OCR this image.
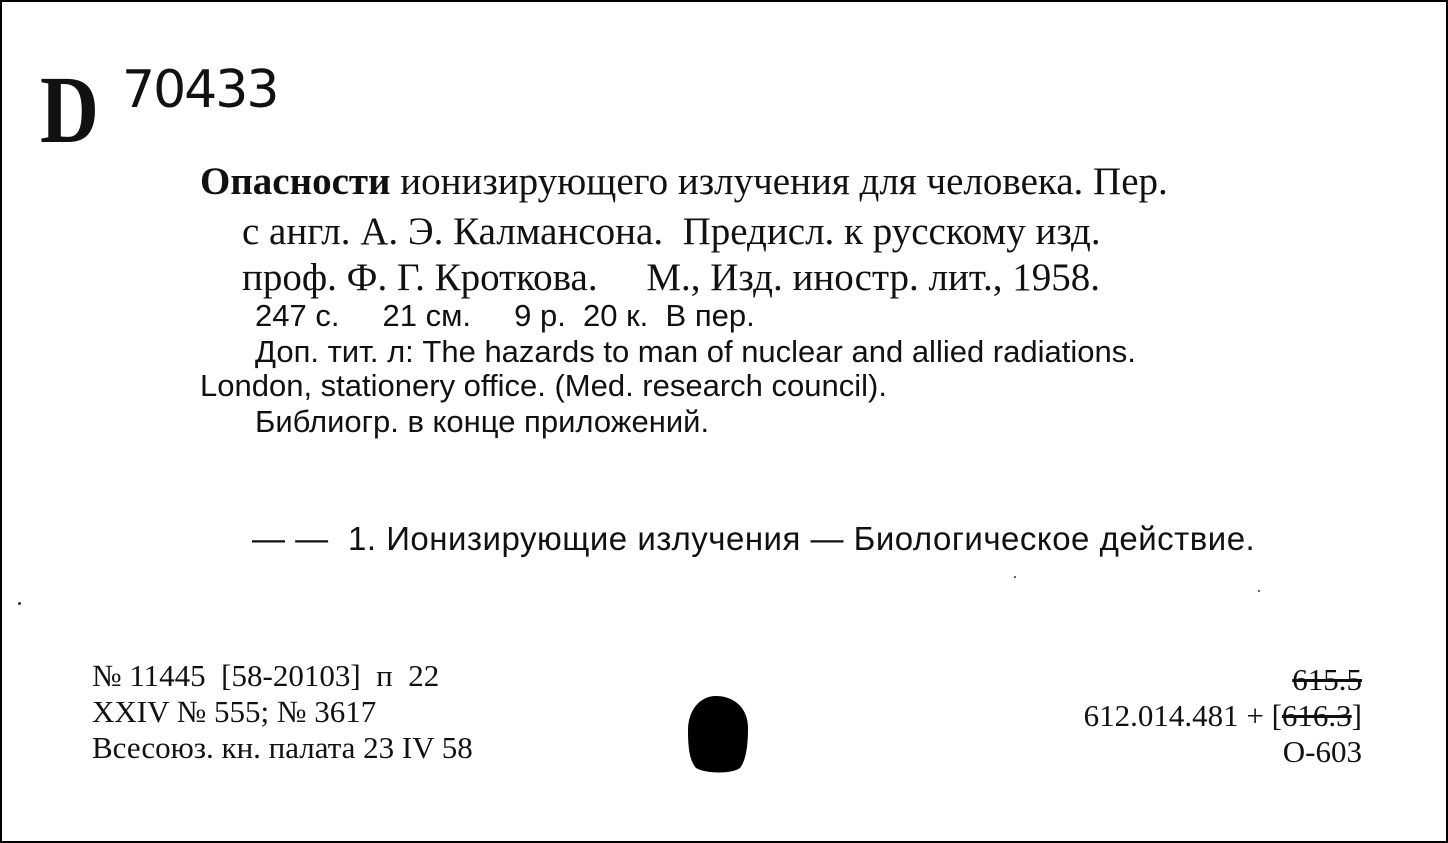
D 70433
Опасности ионизирующего излучения для человека. Пер.
с англ. А. Э. Калмансона.  Предисл. к русскому изд.
проф. Ф. Г. Кроткова.     М., Изд. иностр. лит., 1958.
247 с.     21 см.     9 р.  20 к.  В пер.
Доп. тит. л: The hazards to man of nuclear and allied radiations.
London, stationery office. (Med. research council).
Библиогр. в конце приложений.
— —  1. Ионизирующие излучения — Биологическое действие.
№ 11445  [58-20103]  п  22
XXIV № 555; № 3617
Всесоюз. кн. палата 23 IV 58
615.5
612.014.481 + [616.3]
О-603
